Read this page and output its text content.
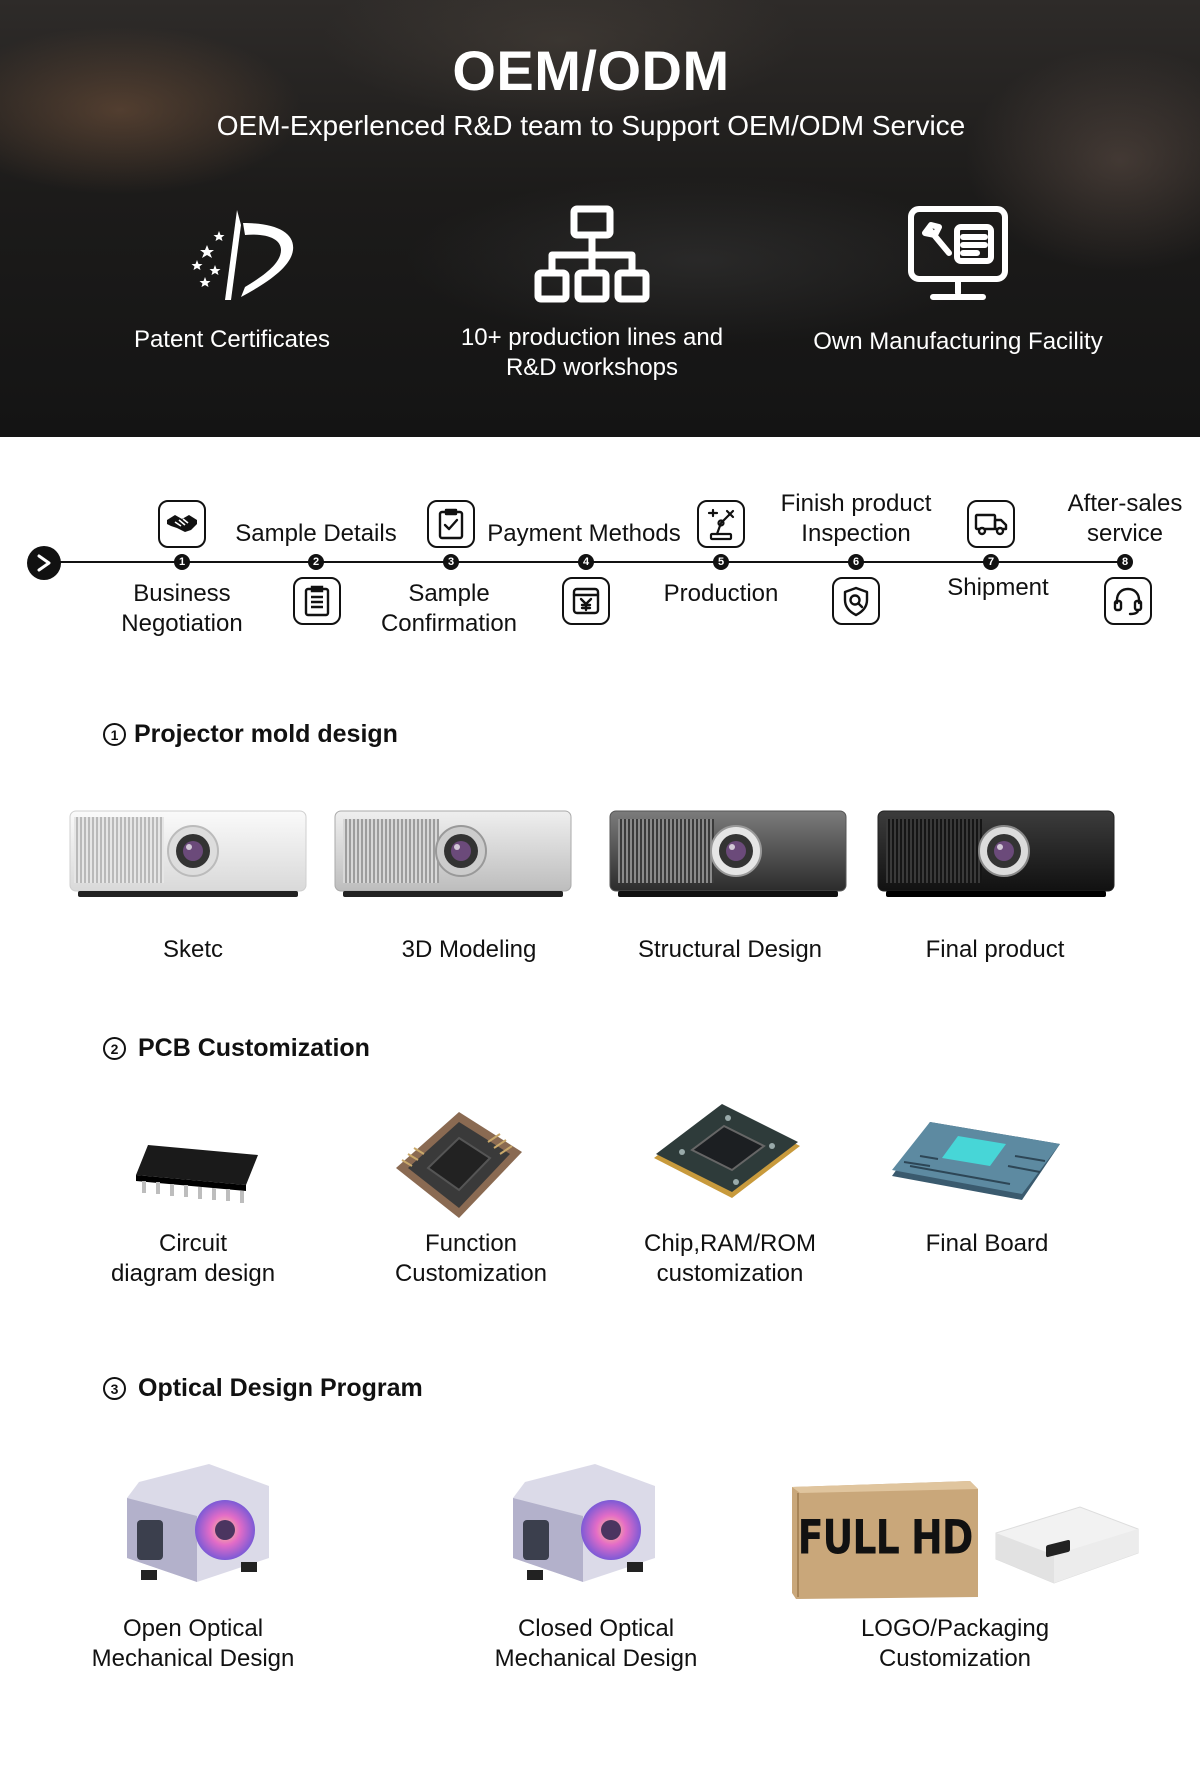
OEM/ODM

OEM-Experlenced R&D team to Support OEM/ODM Service

Patent Certificates	10+ production lines and
R&D workshops
Own Manufacturing Facility
1	2	3	4	5	6	7	8
Business
Negotiation
Sample Details
Sample
Confirmation
Payment Methods
Production
Finish product
Inspection
Shipment
After-sales
service
1 Projector mold design
Sketc	3D Modeling	Structural Design	Final product
2 PCB Customization
Circuit
diagram design
Function
Customization
Chip,RAM/ROM
customization
Final Board
3 Optical Design Program
FULL HD
Open Optical
Mechanical Design
Closed Optical
Mechanical Design
LOGO/Packaging
Customization
